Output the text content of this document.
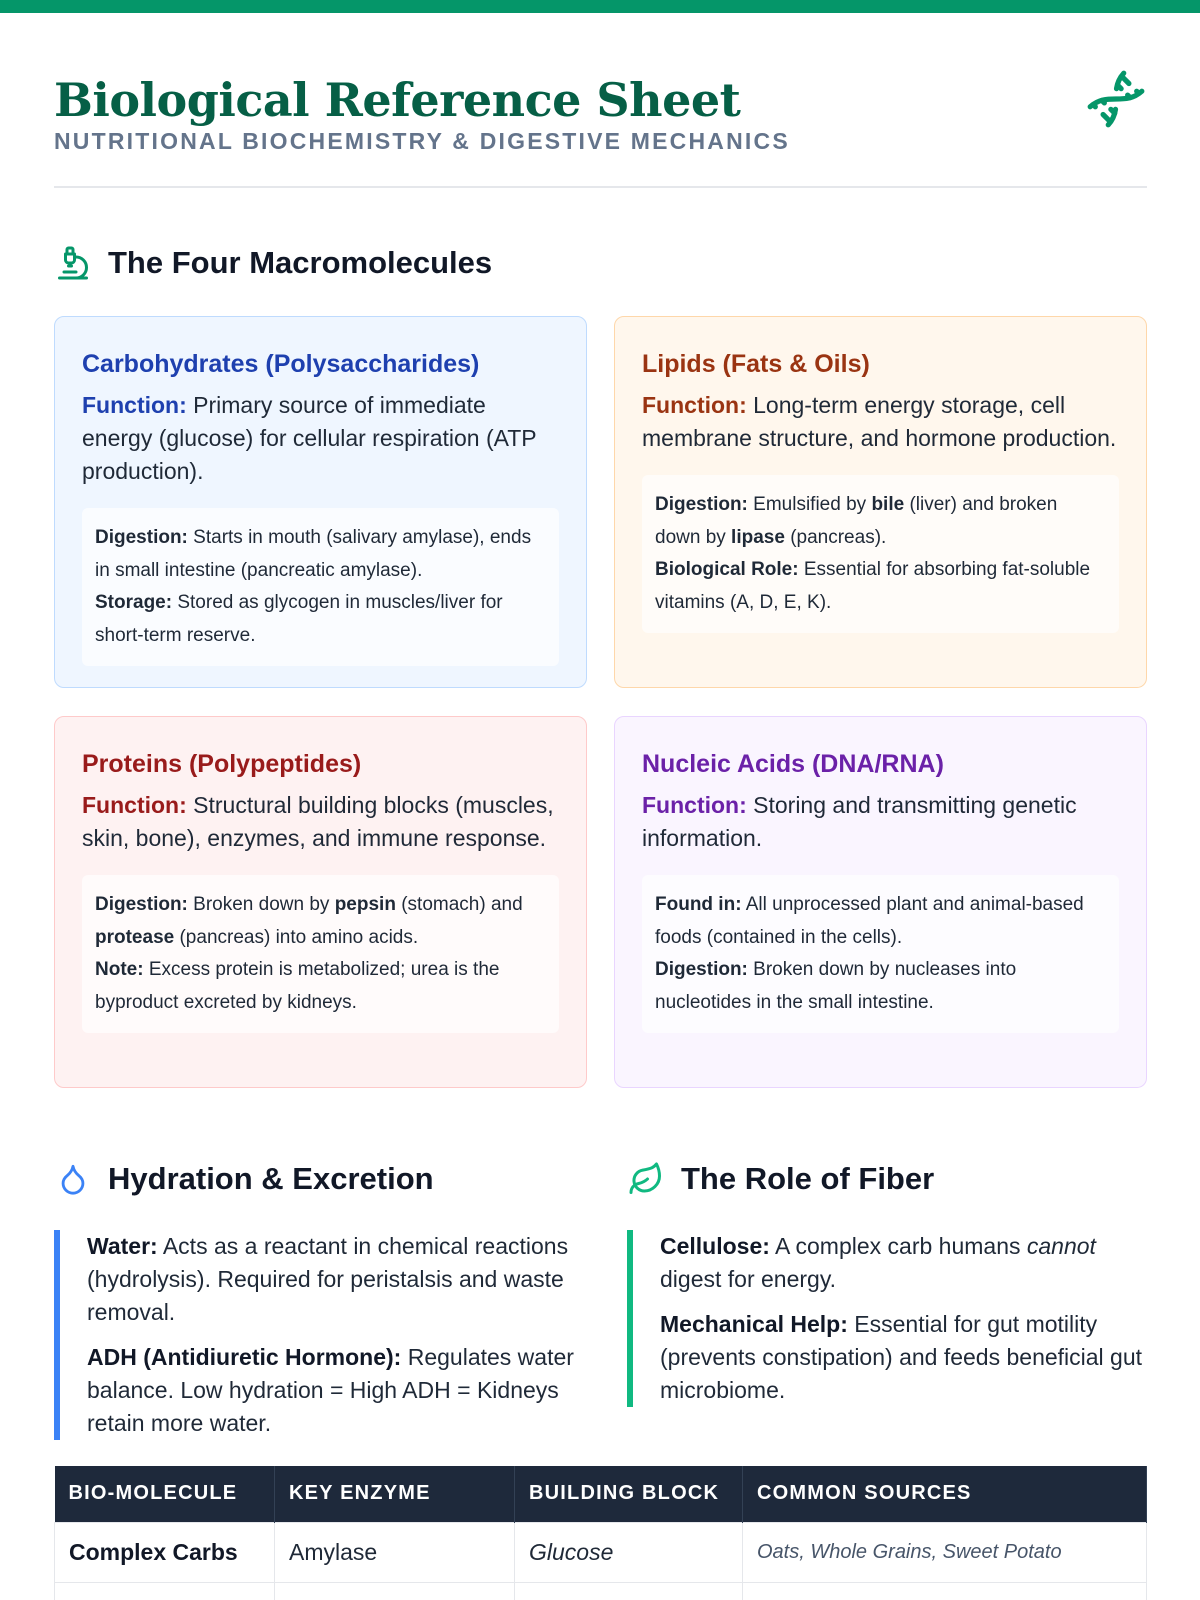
Biological Reference Sheet
NUTRITIONAL BIOCHEMISTRY & DIGESTIVE MECHANICS
The Four Macromolecules
Carbohydrates (Polysaccharides)
Function: Primary source of immediate energy (glucose) for cellular respiration (ATP production).
Digestion: Starts in mouth (salivary amylase), ends in small intestine (pancreatic amylase).
Storage: Stored as glycogen in muscles/liver for short-term reserve.
Lipids (Fats & Oils)
Function: Long-term energy storage, cell membrane structure, and hormone production.
Digestion: Emulsified by bile (liver) and broken down by lipase (pancreas).
Biological Role: Essential for absorbing fat-soluble vitamins (A, D, E, K).
Proteins (Polypeptides)
Function: Structural building blocks (muscles, skin, bone), enzymes, and immune response.
Digestion: Broken down by pepsin (stomach) and protease (pancreas) into amino acids.
Note: Excess protein is metabolized; urea is the byproduct excreted by kidneys.
Nucleic Acids (DNA/RNA)
Function: Storing and transmitting genetic information.
Found in: All unprocessed plant and animal-based foods (contained in the cells).
Digestion: Broken down by nucleases into nucleotides in the small intestine.
Hydration & Excretion

Water: Acts as a reactant in chemical reactions (hydrolysis). Required for peristalsis and waste removal.

ADH (Antidiuretic Hormone): Regulates water balance. Low hydration = High ADH = Kidneys retain more water.

The Role of Fiber

Cellulose: A complex carb humans cannot digest for energy.

Mechanical Help: Essential for gut motility (prevents constipation) and feeds beneficial gut microbiome.

BIO-MOLECULE	KEY ENZYME	BUILDING BLOCK	COMMON SOURCES
Complex Carbs	Amylase	Glucose	Oats, Whole Grains, Sweet Potato
